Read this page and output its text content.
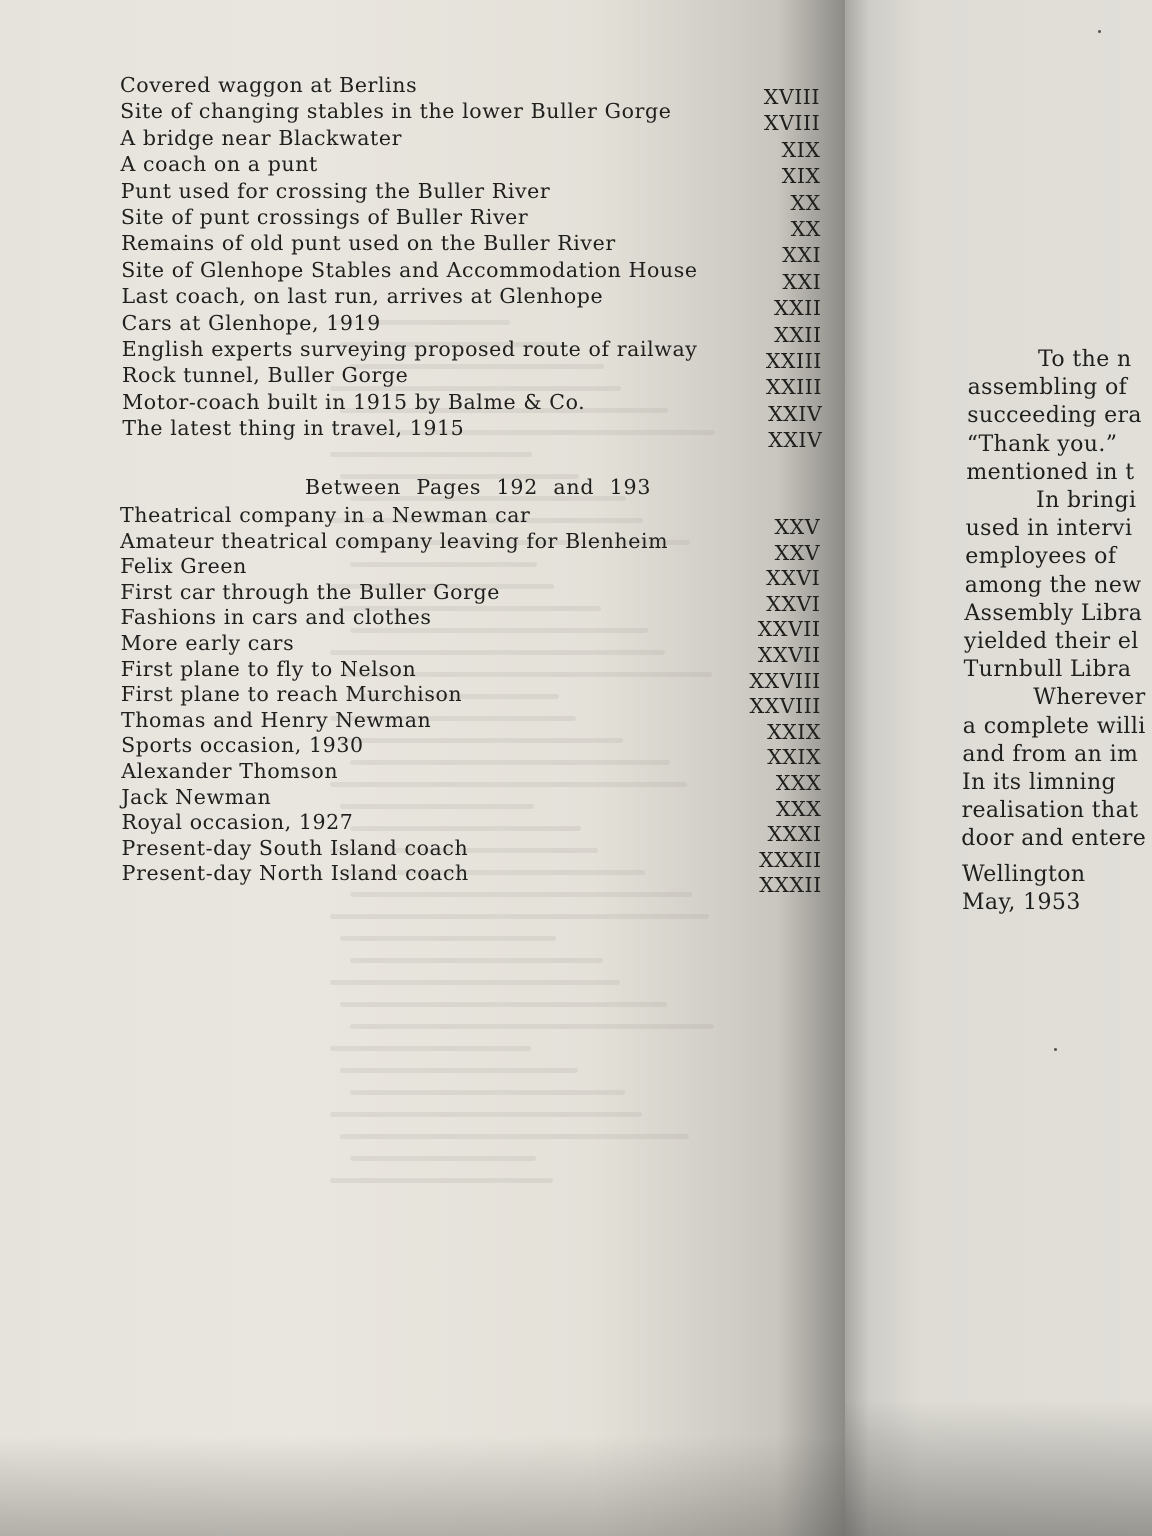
Covered waggon at Berlins	XVIII
Site of changing stables in the lower Buller Gorge	XVIII
A bridge near Blackwater	XIX
A coach on a punt	XIX
Punt used for crossing the Buller River	XX
Site of punt crossings of Buller River	XX
Remains of old punt used on the Buller River	XXI
Site of Glenhope Stables and Accommodation House	XXI
Last coach, on last run, arrives at Glenhope	XXII
Cars at Glenhope, 1919	XXII
English experts surveying proposed route of railway	XXIII
Rock tunnel, Buller Gorge	XXIII
Motor-coach built in 1915 by Balme & Co.	XXIV
The latest thing in travel, 1915	XXIV
Between Pages 192 and 193
Theatrical company in a Newman car	XXV
Amateur theatrical company leaving for Blenheim	XXV
Felix Green	XXVI
First car through the Buller Gorge	XXVI
Fashions in cars and clothes	XXVII
More early cars	XXVII
First plane to fly to Nelson	XXVIII
First plane to reach Murchison	XXVIII
Thomas and Henry Newman	XXIX
Sports occasion, 1930	XXIX
Alexander Thomson	XXX
Jack Newman	XXX
Royal occasion, 1927	XXXI
Present-day South Island coach	XXXII
Present-day North Island coach	XXXII
To the n
assembling of
succeeding era
“Thank you.”
mentioned in t
In bringi
used in intervi
employees of
among the new
Assembly Libra
yielded their el
Turnbull Libra
Wherever
a complete willi
and from an im
In its limning
realisation that
door and entere
Wellington
May, 1953
